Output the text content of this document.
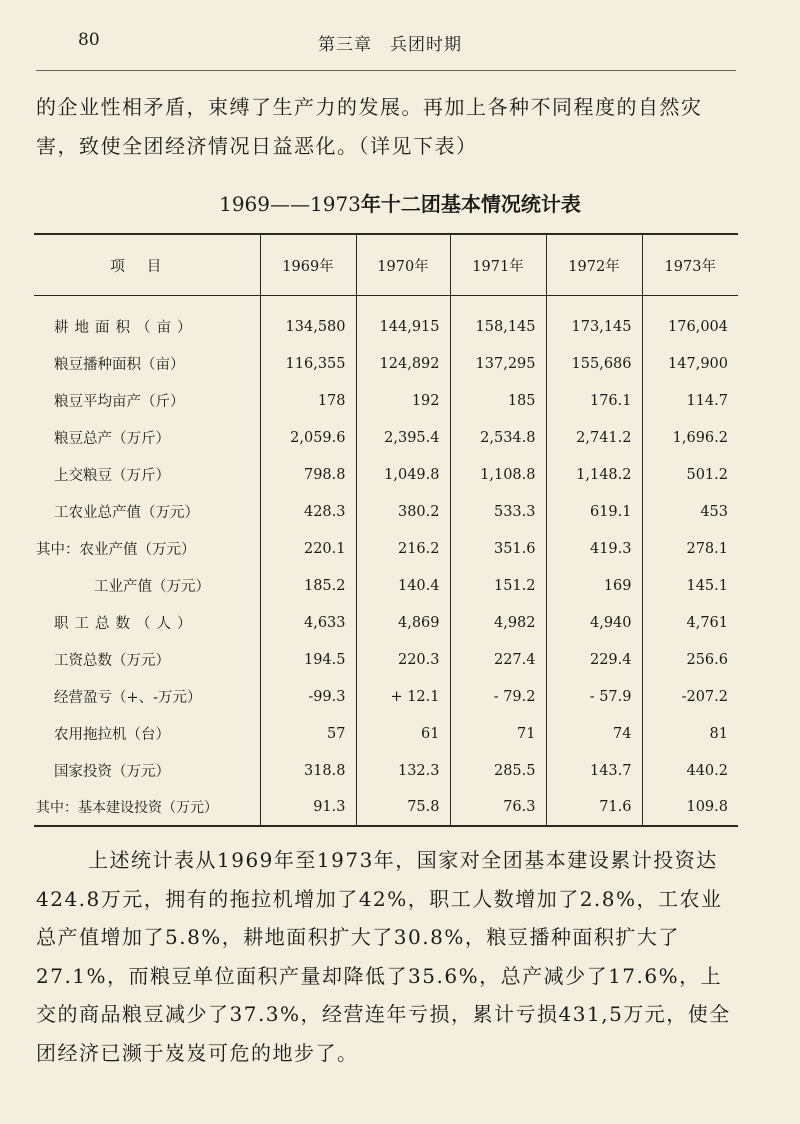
80	第三章　兵团时期

的企业性相矛盾，束缚了生产力的发展。再加上各种不同程度的自然灾害，致使全团经济情况日益恶化。（详见下表）

1969——1973年十二团基本情况统计表
项目	1969年	1970年	1971年	1972年	1973年
耕地面积（亩）	134,580	144,915	158,145	173,145	176,004
粮豆播种面积（亩）	116,355	124,892	137,295	155,686	147,900
粮豆平均亩产（斤）	178	192	185	176.1	114.7
粮豆总产（万斤）	2,059.6	2,395.4	2,534.8	2,741.2	1,696.2
上交粮豆（万斤）	798.8	1,049.8	1,108.8	1,148.2	501.2
工农业总产值（万元）	428.3	380.2	533.3	619.1	453
其中：农业产值（万元）	220.1	216.2	351.6	419.3	278.1
工业产值（万元）	185.2	140.4	151.2	169	145.1
职工总数（人）	4,633	4,869	4,982	4,940	4,761
工资总数（万元）	194.5	220.3	227.4	229.4	256.6
经营盈亏（+、-万元）	-99.3	+ 12.1	- 79.2	- 57.9	-207.2
农用拖拉机（台）	57	61	71	74	81
国家投资（万元）	318.8	132.3	285.5	143.7	440.2
其中：基本建设投资（万元）	91.3	75.8	76.3	71.6	109.8

上述统计表从1969年至1973年，国家对全团基本建设累计投资达424.8万元，拥有的拖拉机增加了42%，职工人数增加了2.8%，工农业总产值增加了5.8%，耕地面积扩大了30.8%，粮豆播种面积扩大了27.1%，而粮豆单位面积产量却降低了35.6%，总产减少了17.6%，上交的商品粮豆减少了37.3%，经营连年亏损，累计亏损431,5万元，使全团经济已濒于岌岌可危的地步了。
